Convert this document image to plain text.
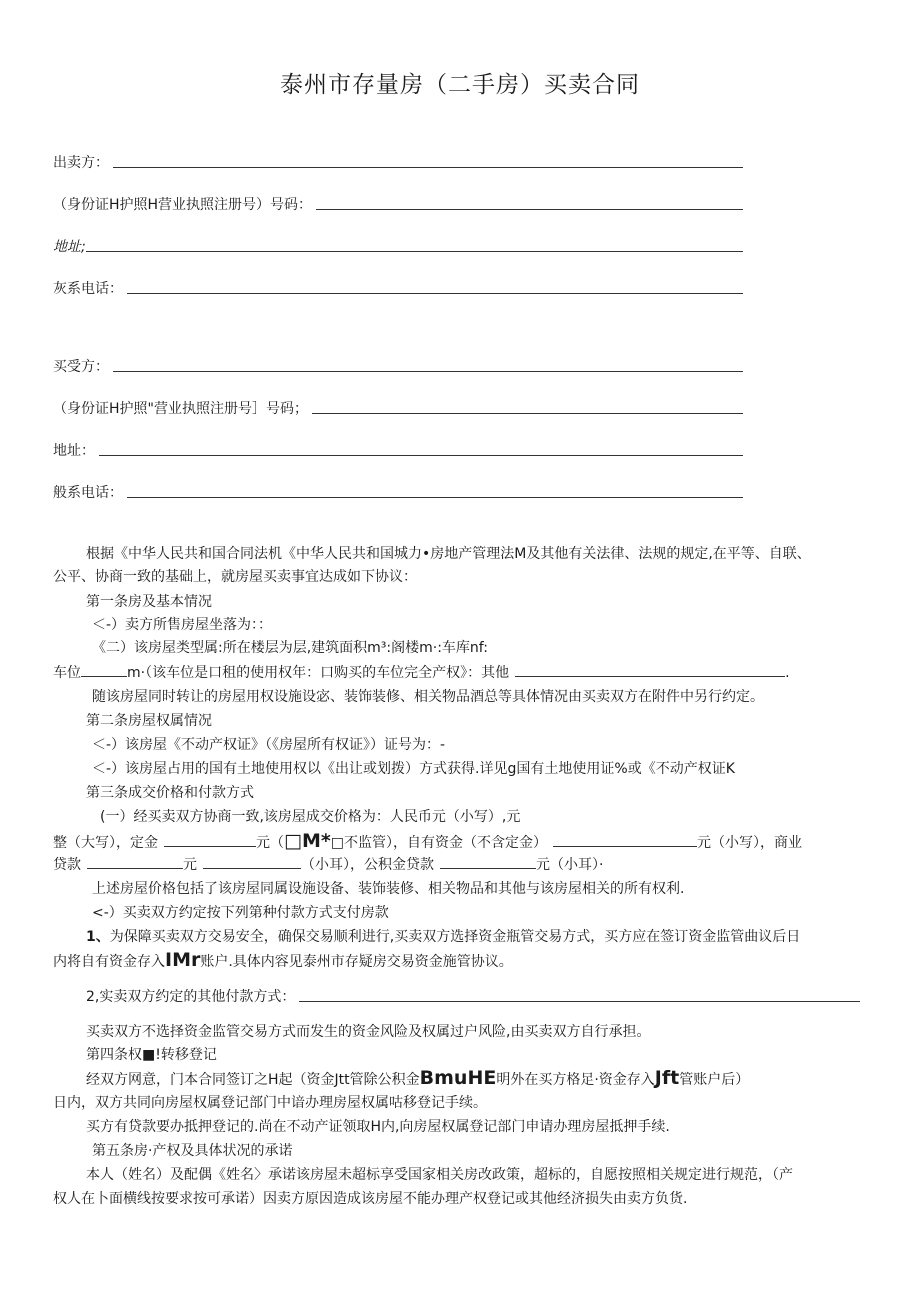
泰州市存量房（二手房）买卖合同
出卖方：
（身份证H护照H营业执照注册号）号码：
地址;
灰系电话：
买受方：
（身份证H护照"营业执照注册号］号码；
地址：
般系电话：
根据《中华人民共和国合同法机《中华人民共和国城力•房地产管理法M及其他有关法律、法规的规定,在平等、自联、
公平、协商一致的基础上，就房屋买卖事宜达成如下协议：
第一条房及基本情况
＜-）卖方所售房屋坐落为：：
《二）该房屋类型属:所在楼层为层,建筑面积m³:阁楼m·:车库nf:
车位	m·（该车位是口租的使用权年：口购买的车位完全产权》：其他	.
随该房屋同时转让的房屋用权设施设宓、装饰装修、相关物品酒总等具体情况由买卖双方在附件中另行约定。
第二条房屋权属情况
＜-）该房屋《不动产权证》（《房屋所有权证》）证号为：-
＜-）该房屋占用的国有土地使用权以《出让或划拨）方式获得.详见g国有土地使用证%或《不动产权证K
第三条成交价格和付款方式
(一）经买卖双方协商一致,该房屋成交价格为：人民币元（小写）,元
整（大写），定金	元（□M*□不监管），自有资金（不含定金）	元（小写），商业
贷款	元	（小耳），公积金贷款	元（小耳）·
上述房屋价格包括了该房屋同属设施设备、装饰装修、相关物品和其他与该房屋相关的所有权利.
<-）买卖双方约定按下列第种付款方式支付房款
1、为保障买卖双方交易安全，确保交易顺利进行,买卖双方选择资金瓶管交易方式，买方应在签订资金监管曲议后日
内将自有资金存入IMr账户.具体内容见泰州市存疑房交易资金施管协议。
2,实卖双方约定的其他付款方式：
买卖双方不选择资金监管交易方式而发生的资金风险及权属过户风险,由买卖双方自行承担。
第四条权■!转移登记
经双方网意，门本合同签订之H起（资金Jtt管除公积金BmuHE明外在买方格足·资金存入Jft管账户后）
日内，双方共同向房屋权属登记部门中谙办理房屋权属咕移登记手续。
买方有贷款要办抵押登记的.尚在不动产证领取H内,向房屋权属登记部门申请办理房屋抵押手续.
第五条房·产权及具体状况的承诺
本人（姓名）及配偶《姓名〉承诺该房屋未超标享受国家相关房改政策，超标的，自愿按照相关规定进行规范，（产
权人在卜面横线按要求按可承诺）因卖方原因造成该房屋不能办理产权登记或其他经济损失由卖方负货.
